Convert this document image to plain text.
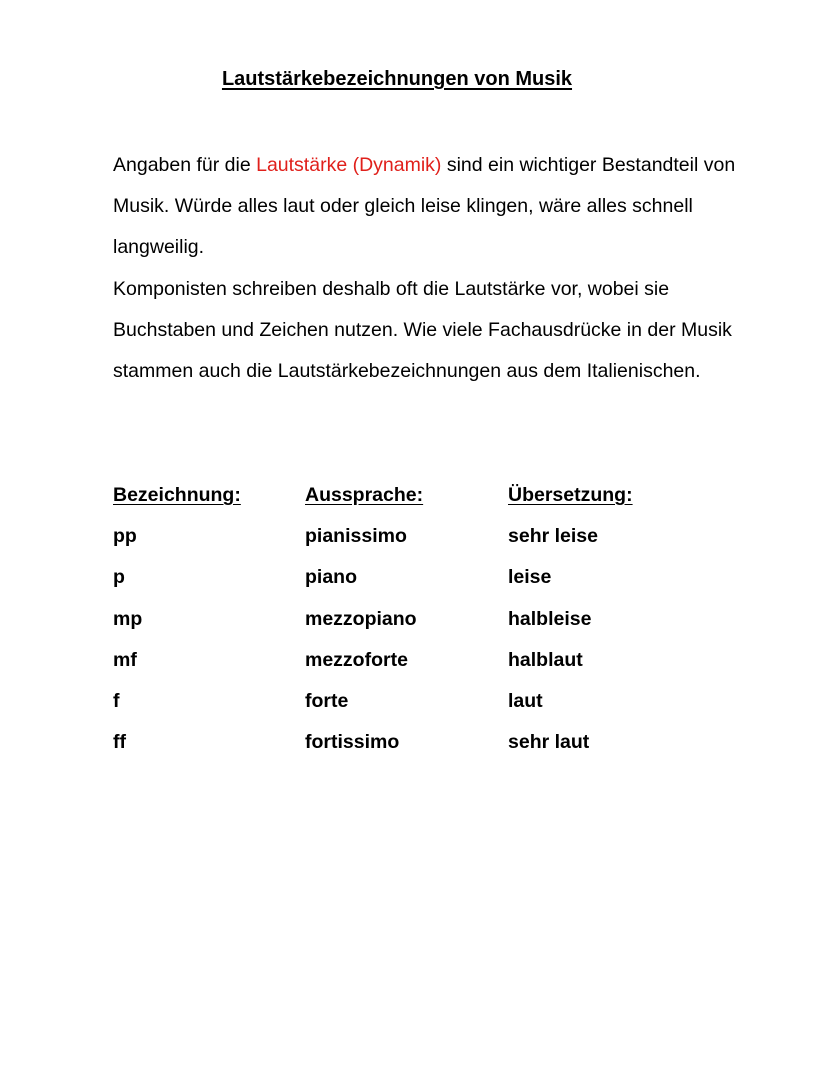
Lautstärkebezeichnungen von Musik

Angaben für die Lautstärke (Dynamik) sind ein wichtiger Bestandteil von Musik. Würde alles laut oder gleich leise klingen, wäre alles schnell langweilig.

Komponisten schreiben deshalb oft die Lautstärke vor, wobei sie Buchstaben und Zeichen nutzen. Wie viele Fachausdrücke in der Musik stammen auch die Lautstärkebezeichnungen aus dem Italienischen.

Bezeichnung:	Aussprache:	Übersetzung:
pp	pianissimo	sehr leise
p	piano	leise
mp	mezzopiano	halbleise
mf	mezzoforte	halblaut
f	forte	laut
ff	fortissimo	sehr laut
